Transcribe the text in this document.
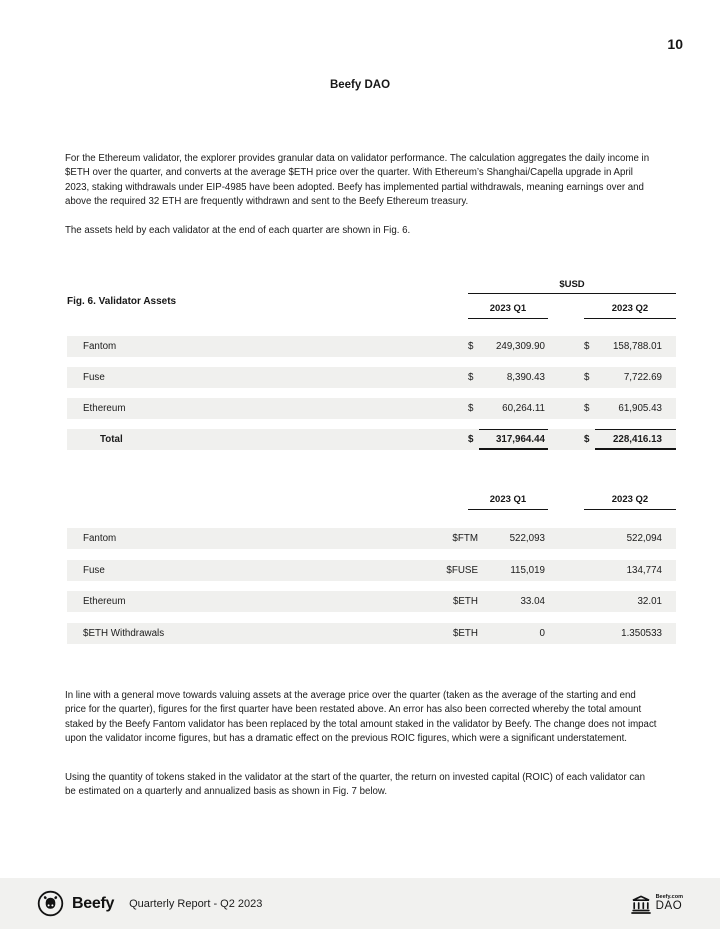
10
Beefy DAO

For the Ethereum validator, the explorer provides granular data on validator performance. The calculation aggregates the daily income in $ETH over the quarter, and converts at the average $ETH price over the quarter. With Ethereum’s Shanghai/Capella upgrade in April 2023, staking withdrawals under EIP-4985 have been adopted. Beefy has implemented partial withdrawals, meaning earnings over and above the required 32 ETH are frequently withdrawn and sent to the Beefy Ethereum treasury.

The assets held by each validator at the end of each quarter are shown in Fig. 6.

Fig. 6. Validator Assets
$USD
2023 Q1	2023 Q2
Fantom	$ 249,309.90	$ 158,788.01
Fuse	$	8,390.43	$	7,722.69
Ethereum	$	60,264.11	$	61,905.43
Total	$	317,964.44	$	228,416.13
2023 Q1	2023 Q2
Fantom	$FTM	522,093	522,094
Fuse	$FUSE	115,019	134,774
Ethereum	$ETH	33.04	32.01
$ETH Withdrawals	$ETH	0	1.350533

In line with a general move towards valuing assets at the average price over the quarter (taken as the average of the starting and end price for the quarter), figures for the first quarter have been restated above. An error has also been corrected whereby the total amount staked by the Beefy Fantom validator has been replaced by the total amount staked in the validator by Beefy. The change does not impact upon the validator income figures, but has a dramatic effect on the previous ROIC figures, which were a significant understatement.

Using the quantity of tokens staked in the validator at the start of the quarter, the return on invested capital (ROIC) of each validator can be estimated on a quarterly and annualized basis as shown in Fig. 7 below.

Beefy Quarterly Report - Q2 2023
Beefy.com
DAO
